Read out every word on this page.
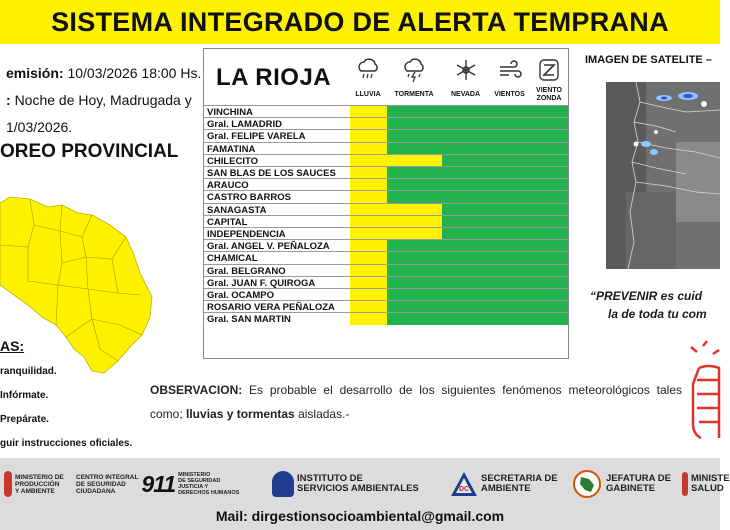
SISTEMA INTEGRADO DE ALERTA TEMPRANA
emisión: 10/03/2026 18:00 Hs.
: Noche de Hoy, Madrugada y
1/03/2026.
OREO PROVINCIAL
AS:
ranquilidad.
Infórmate.
Prepárate.
guir instrucciones oficiales.
LA RIOJA
LLUVIA	TORMENTA	NEVADA	VIENTOS
VIENTO ZONDA
VINCHINA
Gral. LAMADRID
Gral. FELIPE VARELA
FAMATINA
CHILECITO
SAN BLAS DE LOS SAUCES
ARAUCO
CASTRO BARROS
SANAGASTA
CAPITAL
INDEPENDENCIA
Gral. ANGEL V. PEÑALOZA
CHAMICAL
Gral. BELGRANO
Gral. JUAN F. QUIROGA
Gral. OCAMPO
ROSARIO VERA PEÑALOZA
Gral. SAN MARTIN
IMAGEN DE SATELITE –
“PREVENIR es cuid
la de toda tu com
OBSERVACION: Es probable el desarrollo de los siguientes fenómenos meteorológicos tales como; lluvias y tormentas aisladas.-
MINISTERIO DE
PRODUCCIÓN
Y AMBIENTE
CENTRO INTEGRAL
DE SEGURIDAD
CIUDADANA	911 MINISTERIO
DE SEGURIDAD
JUSTICIA Y
DERECHOS HUMANOS
INSTITUTO DE
SERVICIOS AMBIENTALES	DC
SECRETARIA DE
AMBIENTE
JEFATURA DE
GABINETE
MINISTE
SALUD
Mail: dirgestionsocioambiental@gmail.com
